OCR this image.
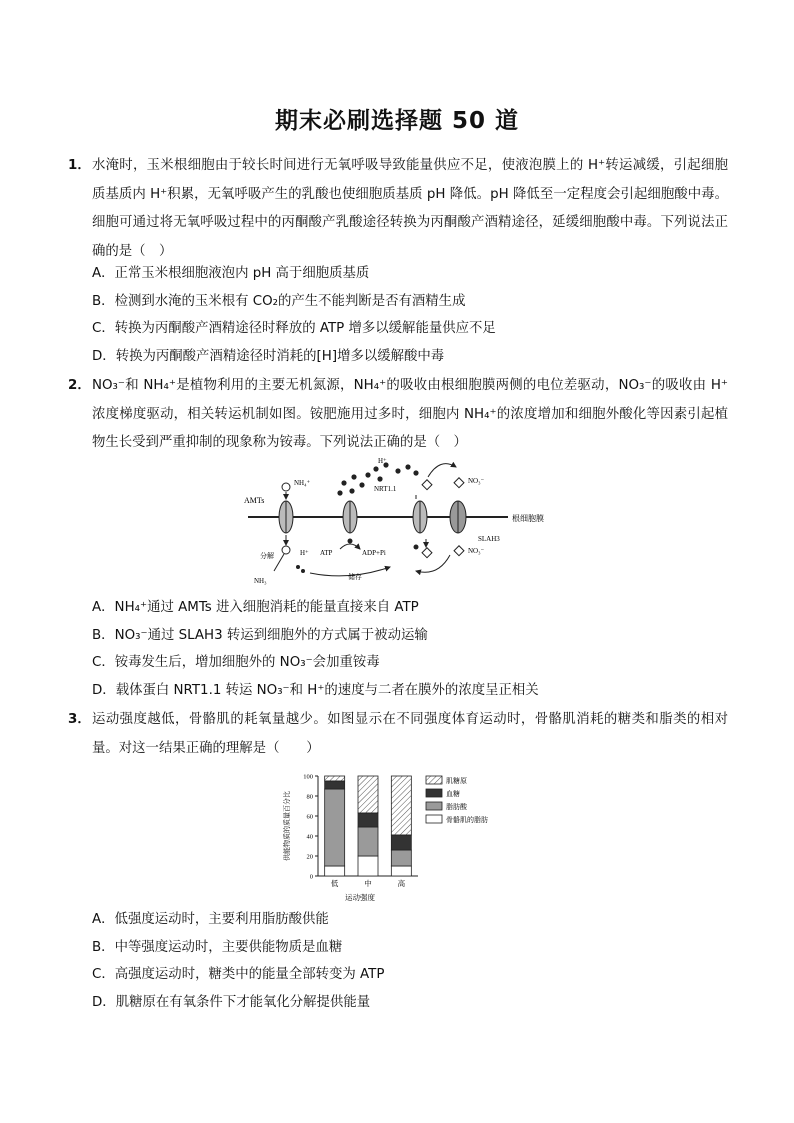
期末必刷选择题 50 道
1． 水淹时，玉米根细胞由于较长时间进行无氧呼吸导致能量供应不足，使液泡膜上的 H⁺转运减缓，引起细胞质基质内 H⁺积累，无氧呼吸产生的乳酸也使细胞质基质 pH 降低。pH 降低至一定程度会引起细胞酸中毒。细胞可通过将无氧呼吸过程中的丙酮酸产乳酸途径转换为丙酮酸产酒精途径，延缓细胞酸中毒。下列说法正确的是（　）
A．正常玉米根细胞液泡内 pH 高于细胞质基质
B．检测到水淹的玉米根有 CO₂的产生不能判断是否有酒精生成
C．转换为丙酮酸产酒精途径时释放的 ATP 增多以缓解能量供应不足
D．转换为丙酮酸产酒精途径时消耗的[H]增多以缓解酸中毒
2． NO₃⁻和 NH₄⁺是植物利用的主要无机氮源，NH₄⁺的吸收由根细胞膜两侧的电位差驱动，NO₃⁻的吸收由 H⁺浓度梯度驱动，相关转运机制如图。铵肥施用过多时，细胞内 NH₄⁺的浓度增加和细胞外酸化等因素引起植物生长受到严重抑制的现象称为铵毒。下列说法正确的是（　）
根细胞膜
AMTs
NH₄⁺
分解	H⁺
NH₃
ATP	ADP+Pi
储存
H⁺
NRT1.1
SLAH3
NO₃⁻
NO₃⁻
A．NH₄⁺通过 AMTs 进入细胞消耗的能量直接来自 ATP
B．NO₃⁻通过 SLAH3 转运到细胞外的方式属于被动运输
C．铵毒发生后，增加细胞外的 NO₃⁻会加重铵毒
D．载体蛋白 NRT1.1 转运 NO₃⁻和 H⁺的速度与二者在膜外的浓度呈正相关
3． 运动强度越低，骨骼肌的耗氧量越少。如图显示在不同强度体育运动时，骨骼肌消耗的糖类和脂类的相对量。对这一结果正确的理解是（　　）
供能物质的质量百分比
运动强度
0
20
40
60
80
100
低	中	高
肌糖原
血糖
脂肪酸
骨骼肌的脂肪
A．低强度运动时，主要利用脂肪酸供能
B．中等强度运动时，主要供能物质是血糖
C．高强度运动时，糖类中的能量全部转变为 ATP
D．肌糖原在有氧条件下才能氧化分解提供能量
